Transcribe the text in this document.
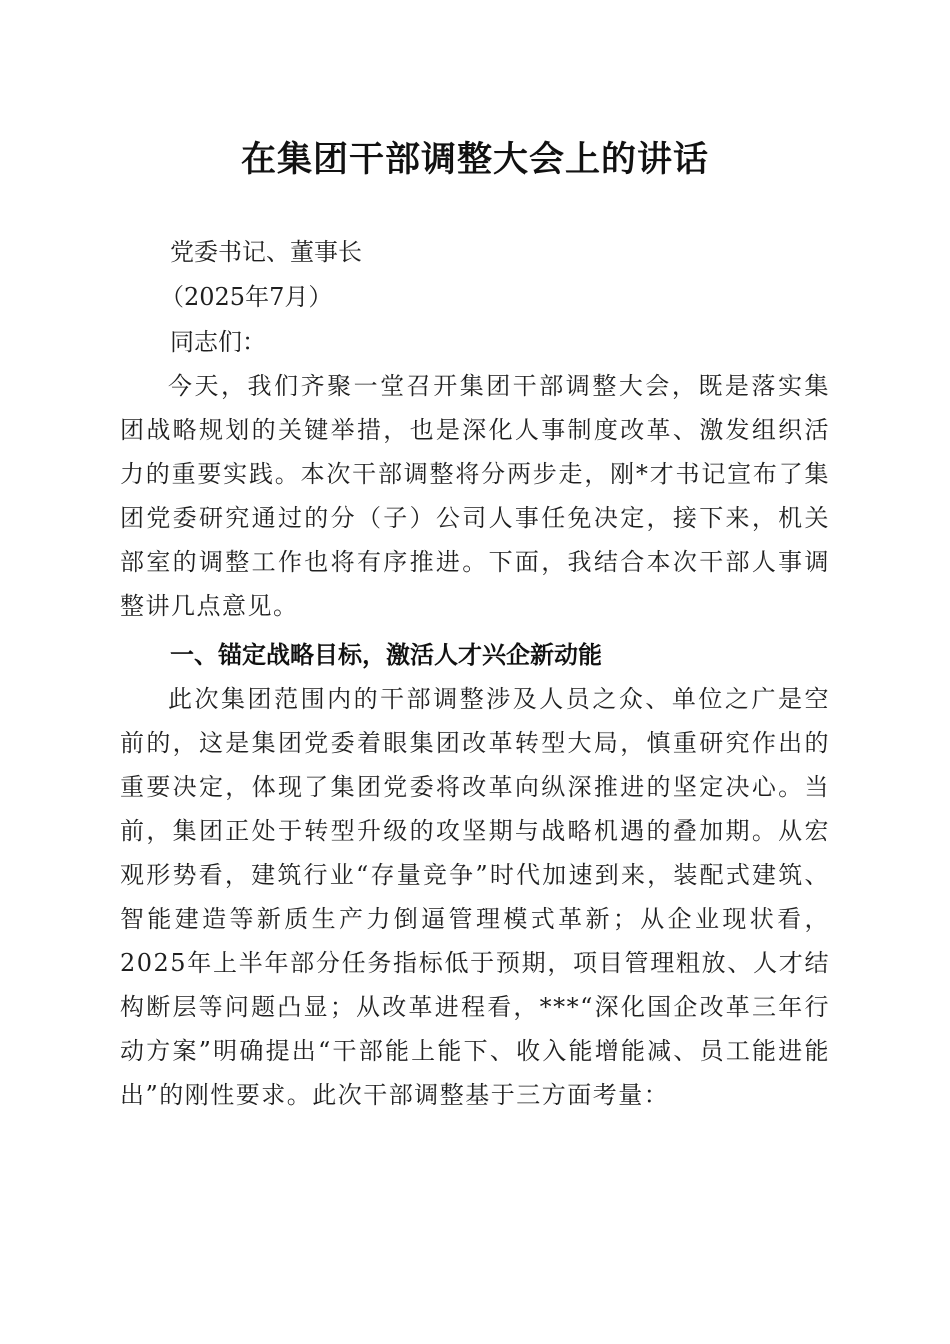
在集团干部调整大会上的讲话
党委书记、董事长
（2025年7月）
同志们：

今天，我们齐聚一堂召开集团干部调整大会，既是落实集团战略规划的关键举措，也是深化人事制度改革、激发组织活力的重要实践。本次干部调整将分两步走，刚*才书记宣布了集团党委研究通过的分（子）公司人事任免决定，接下来，机关部室的调整工作也将有序推进。下面，我结合本次干部人事调整讲几点意见。

一、锚定战略目标，激活人才兴企新动能

此次集团范围内的干部调整涉及人员之众、单位之广是空前的，这是集团党委着眼集团改革转型大局，慎重研究作出的重要决定，体现了集团党委将改革向纵深推进的坚定决心。当前，集团正处于转型升级的攻坚期与战略机遇的叠加期。从宏观形势看，建筑行业“存量竞争”时代加速到来，装配式建筑、智能建造等新质生产力倒逼管理模式革新；从企业现状看，2025年上半年部分任务指标低于预期，项目管理粗放、人才结构断层等问题凸显；从改革进程看，***“深化国企改革三年行动方案”明确提出“干部能上能下、收入能增能减、员工能进能出”的刚性要求。此次干部调整基于三方面考量：
